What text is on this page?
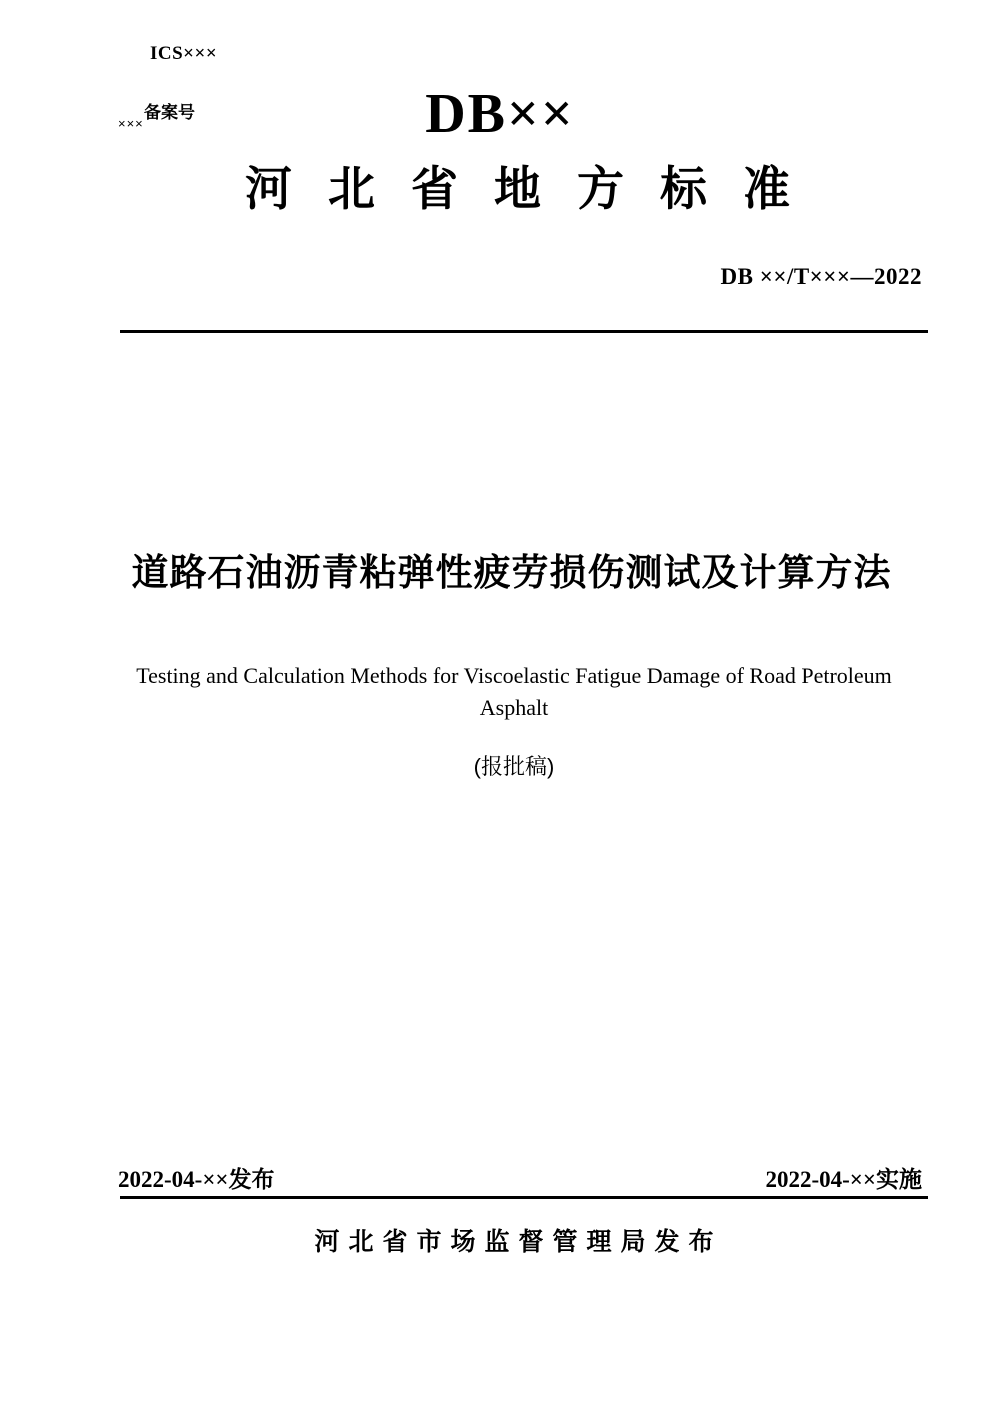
ICS×××
备案号
×××	DB××
河北省地方标准
DB ××/T×××—2022
道路石油沥青粘弹性疲劳损伤测试及计算方法
Testing and Calculation Methods for Viscoelastic Fatigue Damage of Road Petroleum Asphalt
(报批稿)
2022-04-××发布	2022-04-××实施
河北省市场监督管理局发布
